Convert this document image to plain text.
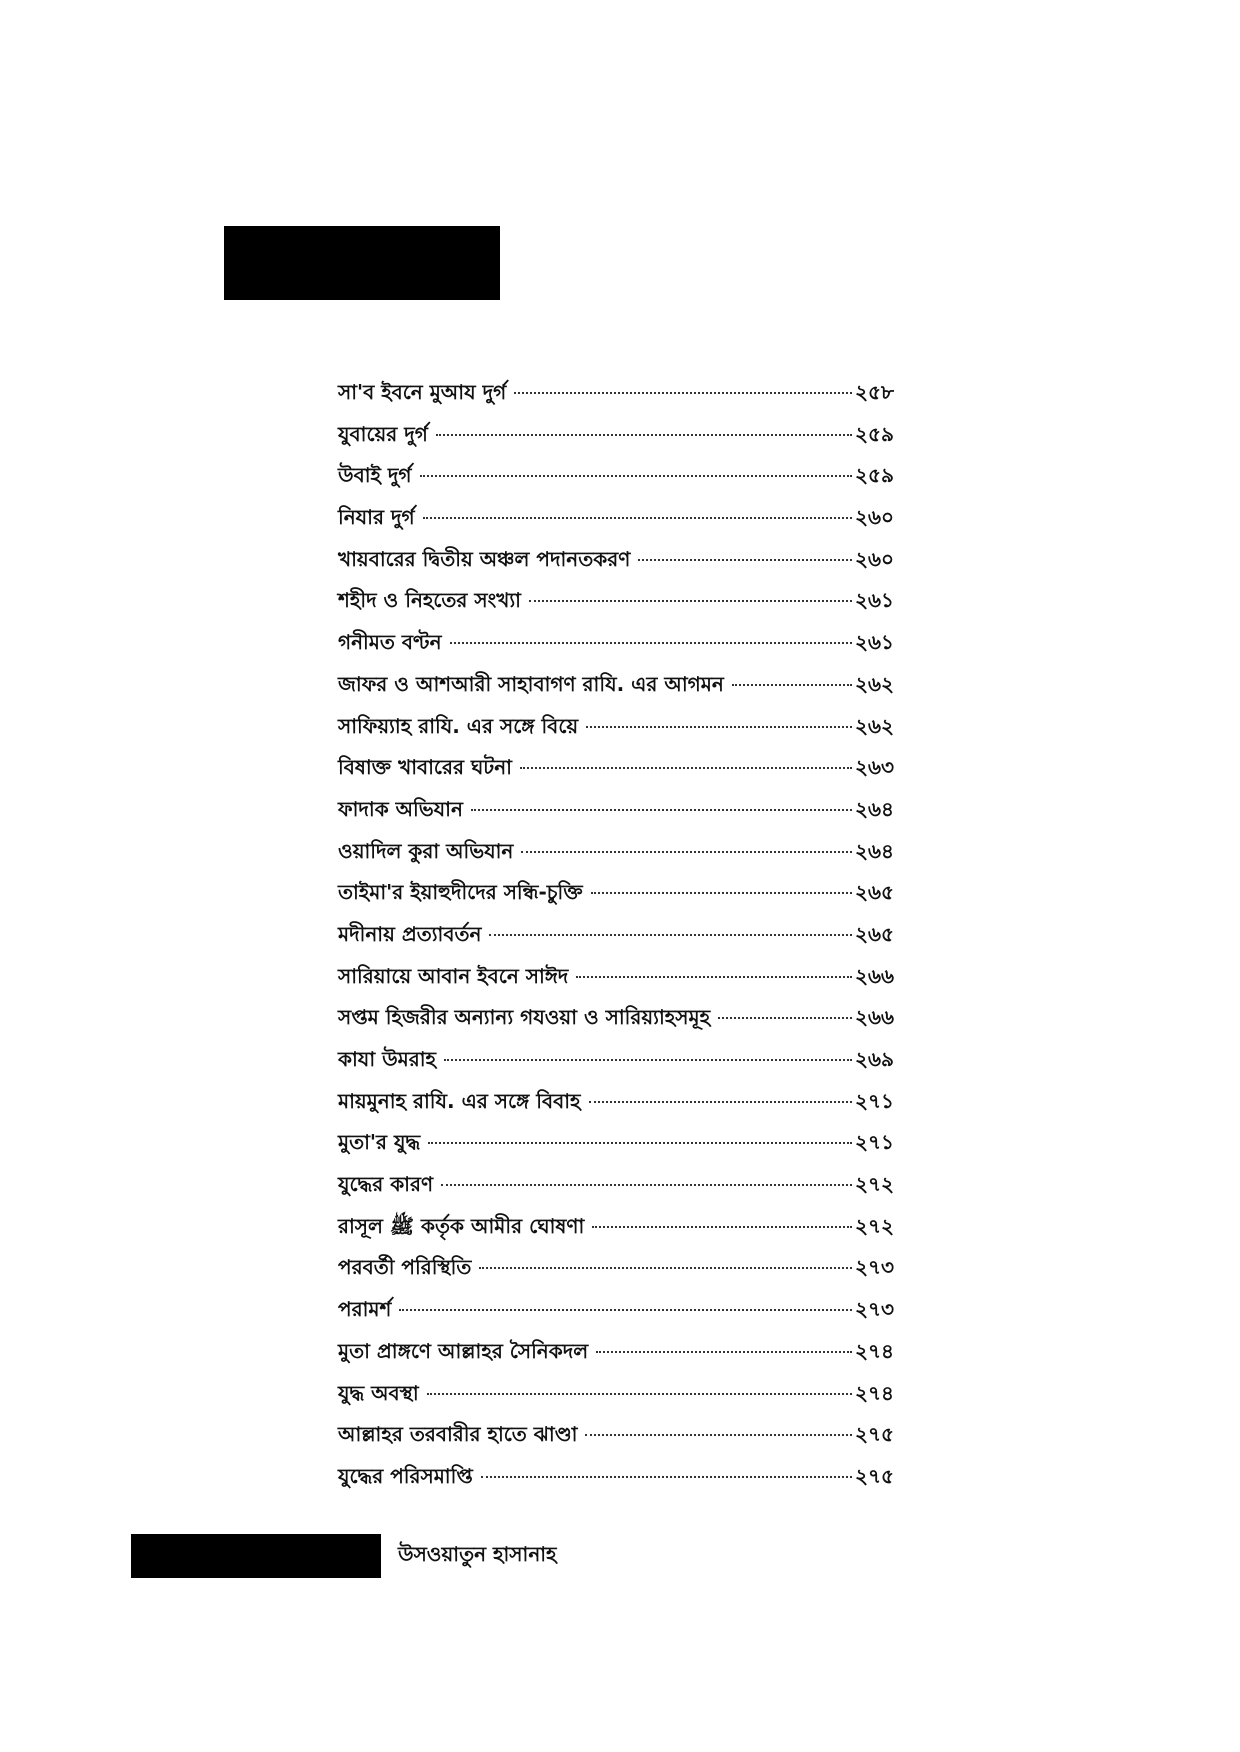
সা'ব ইবনে মুআয দুর্গ	২৫৮
যুবায়ের দুর্গ	২৫৯
উবাই দুর্গ	২৫৯
নিযার দুর্গ	২৬০
খায়বারের দ্বিতীয় অঞ্চল পদানতকরণ	২৬০
শহীদ ও নিহতের সংখ্যা	২৬১
গনীমত বণ্টন	২৬১
জাফর ও আশআরী সাহাবাগণ রাযি. এর আগমন	২৬২
সাফিয়্যাহ রাযি. এর সঙ্গে বিয়ে	২৬২
বিষাক্ত খাবারের ঘটনা	২৬৩
ফাদাক অভিযান	২৬৪
ওয়াদিল কুরা অভিযান	২৬৪
তাইমা'র ইয়াহুদীদের সন্ধি-চুক্তি	২৬৫
মদীনায় প্রত্যাবর্তন	২৬৫
সারিয়ায়ে আবান ইবনে সাঈদ	২৬৬
সপ্তম হিজরীর অন্যান্য গযওয়া ও সারিয়্যাহসমূহ	২৬৬
কাযা উমরাহ	২৬৯
মায়মুনাহ রাযি. এর সঙ্গে বিবাহ	২৭১
মুতা'র যুদ্ধ	২৭১
যুদ্ধের কারণ	২৭২
রাসূল ﷺ কর্তৃক আমীর ঘোষণা	২৭২
পরবর্তী পরিস্থিতি	২৭৩
পরামর্শ	২৭৩
মুতা প্রাঙ্গণে আল্লাহর সৈনিকদল	২৭৪
যুদ্ধ অবস্থা	২৭৪
আল্লাহর তরবারীর হাতে ঝাণ্ডা	২৭৫
যুদ্ধের পরিসমাপ্তি	২৭৫
উসওয়াতুন হাসানাহ
